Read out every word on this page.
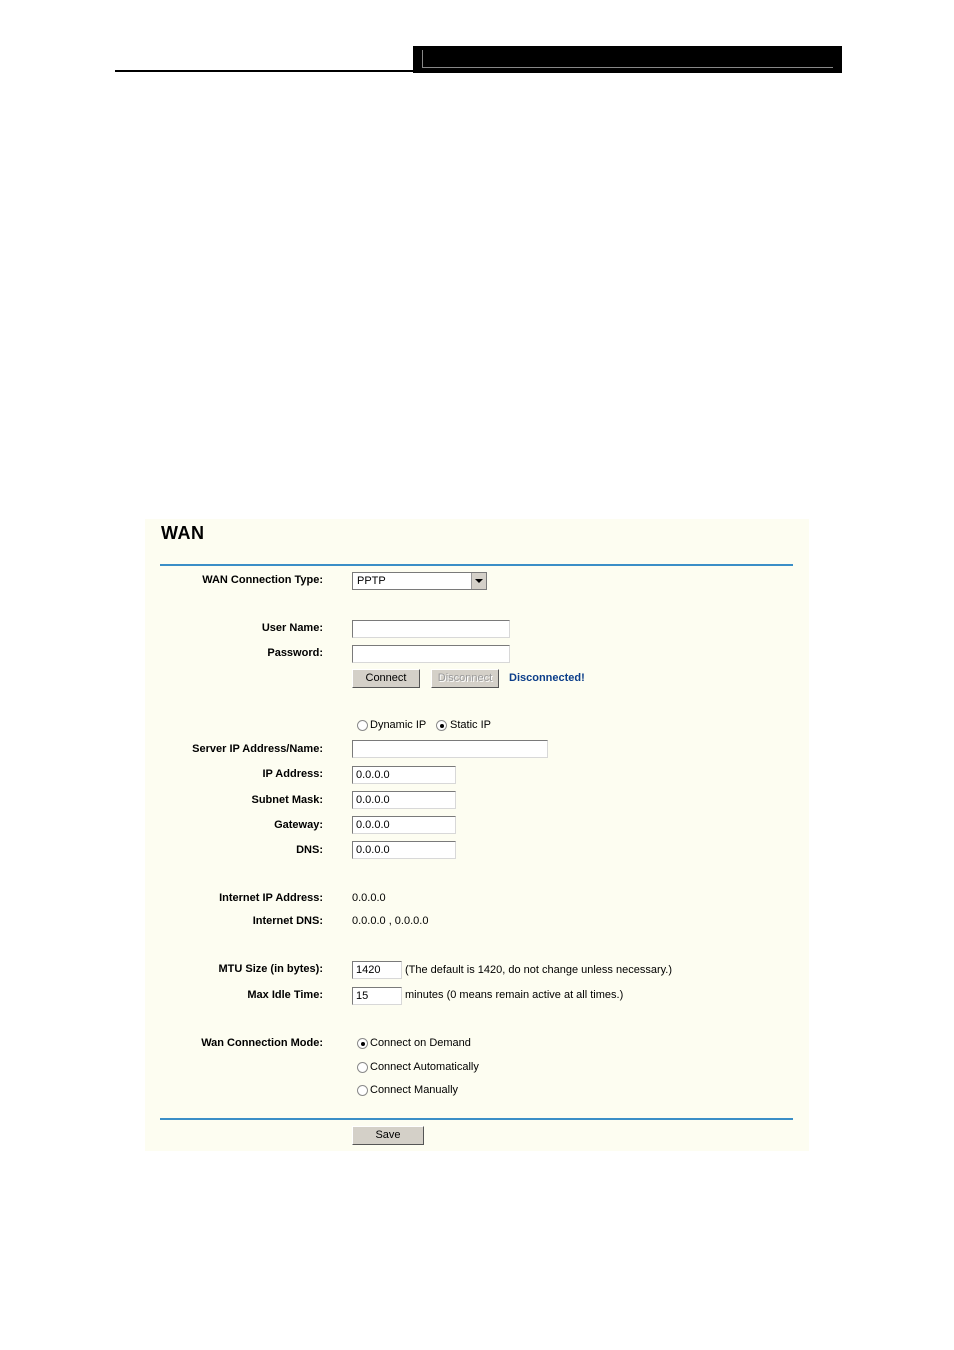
WAN
WAN Connection Type:	PPTP
User Name:
Password:
Connect	Disconnect	Disconnected!
Dynamic IP Static IP
Server IP Address/Name:
IP Address:	0.0.0.0
Subnet Mask:	0.0.0.0
Gateway:	0.0.0.0
DNS:	0.0.0.0
Internet IP Address:	0.0.0.0
Internet DNS:	0.0.0.0 , 0.0.0.0
MTU Size (in bytes):	1420	(The default is 1420, do not change unless necessary.)
Max Idle Time:	15	minutes (0 means remain active at all times.)
Wan Connection Mode:	Connect on Demand
Connect Automatically
Connect Manually
Save
